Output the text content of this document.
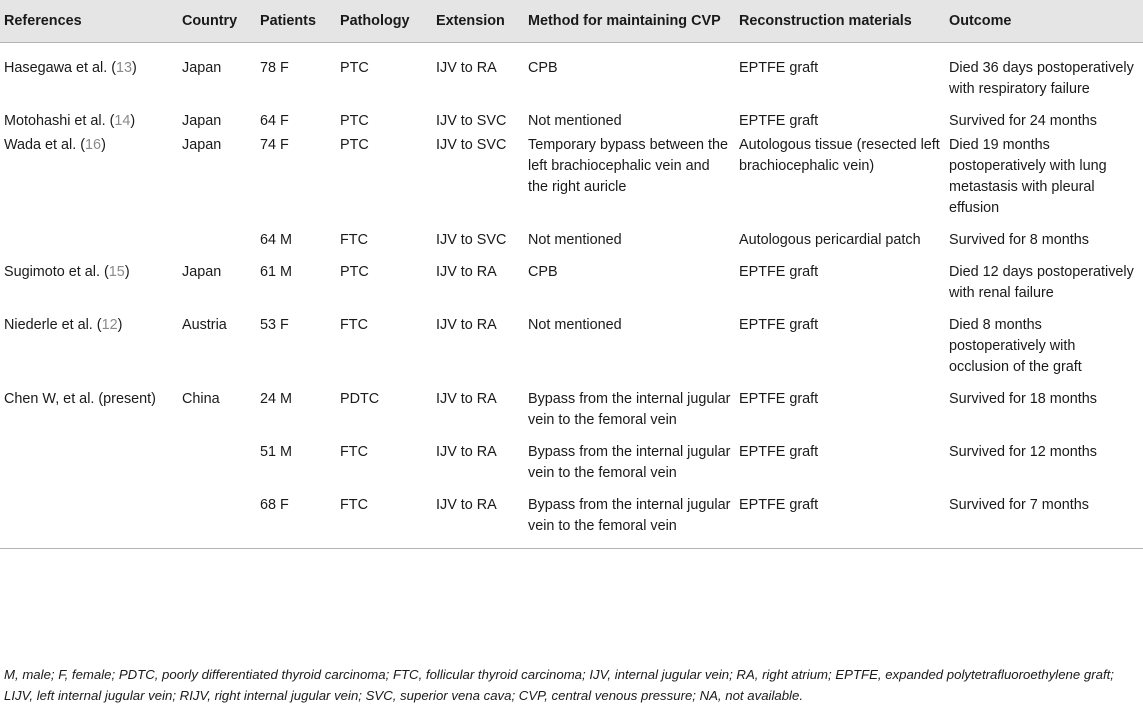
References	Country	Patients	Pathology	Extension	Method for maintaining CVP	Reconstruction materials	Outcome
Hasegawa et al. (13)	Japan	78 F	PTC	IJV to RA	CPB	EPTFE graft	Died 36 days postoperatively with respiratory failure
Motohashi et al. (14)	Japan	64 F	PTC	IJV to SVC	Not mentioned	EPTFE graft	Survived for 24 months
Wada et al. (16)	Japan	74 F	PTC	IJV to SVC	Temporary bypass between the left brachiocephalic vein and the right auricle	Autologous tissue (resected left brachiocephalic vein)	Died 19 months postoperatively with lung metastasis with pleural effusion
		64 M	FTC	IJV to SVC	Not mentioned	Autologous pericardial patch	Survived for 8 months
Sugimoto et al. (15)	Japan	61 M	PTC	IJV to RA	CPB	EPTFE graft	Died 12 days postoperatively with renal failure
Niederle et al. (12)	Austria	53 F	FTC	IJV to RA	Not mentioned	EPTFE graft	Died 8 months postoperatively with occlusion of the graft
Chen W, et al. (present)	China	24 M	PDTC	IJV to RA	Bypass from the internal jugular vein to the femoral vein	EPTFE graft	Survived for 18 months
		51 M	FTC	IJV to RA	Bypass from the internal jugular vein to the femoral vein	EPTFE graft	Survived for 12 months
		68 F	FTC	IJV to RA	Bypass from the internal jugular vein to the femoral vein	EPTFE graft	Survived for 7 months
M, male; F, female; PDTC, poorly differentiated thyroid carcinoma; FTC, follicular thyroid carcinoma; IJV, internal jugular vein; RA, right atrium; EPTFE, expanded polytetrafluoroethylene graft; LIJV, left internal jugular vein; RIJV, right internal jugular vein; SVC, superior vena cava; CVP, central venous pressure; NA, not available.
